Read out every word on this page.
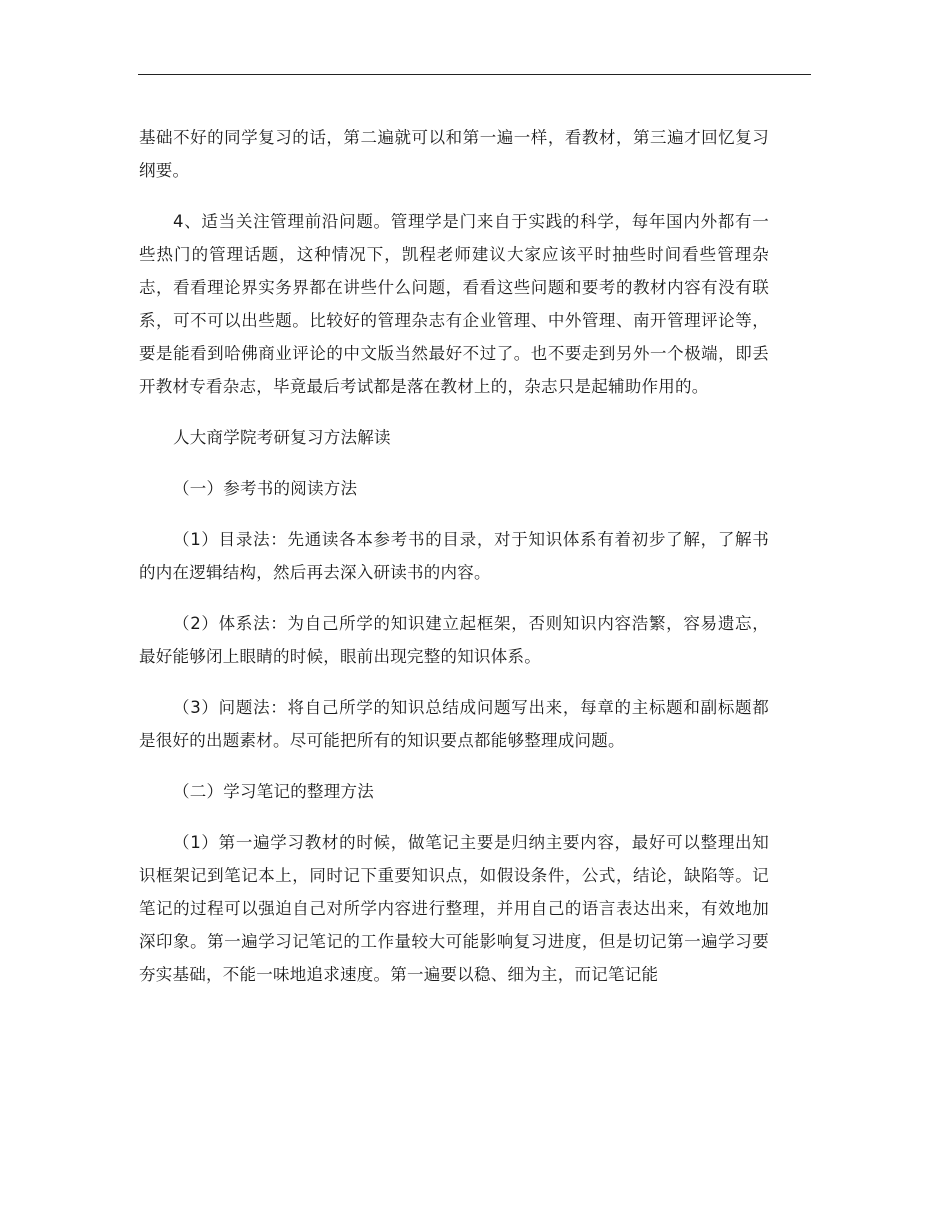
基础不好的同学复习的话，第二遍就可以和第一遍一样，看教材，第三遍才回忆复习纲要。

4、适当关注管理前沿问题。管理学是门来自于实践的科学，每年国内外都有一些热门的管理话题，这种情况下，凯程老师建议大家应该平时抽些时间看些管理杂志，看看理论界实务界都在讲些什么问题，看看这些问题和要考的教材内容有没有联系，可不可以出些题。比较好的管理杂志有企业管理、中外管理、南开管理评论等，要是能看到哈佛商业评论的中文版当然最好不过了。也不要走到另外一个极端，即丢开教材专看杂志，毕竟最后考试都是落在教材上的，杂志只是起辅助作用的。

人大商学院考研复习方法解读

（一）参考书的阅读方法

（1）目录法：先通读各本参考书的目录，对于知识体系有着初步了解，了解书的内在逻辑结构，然后再去深入研读书的内容。

（2）体系法：为自己所学的知识建立起框架，否则知识内容浩繁，容易遗忘，最好能够闭上眼睛的时候，眼前出现完整的知识体系。

（3）问题法：将自己所学的知识总结成问题写出来，每章的主标题和副标题都是很好的出题素材。尽可能把所有的知识要点都能够整理成问题。

（二）学习笔记的整理方法

（1）第一遍学习教材的时候，做笔记主要是归纳主要内容，最好可以整理出知识框架记到笔记本上，同时记下重要知识点，如假设条件，公式，结论，缺陷等。记笔记的过程可以强迫自己对所学内容进行整理，并用自己的语言表达出来，有效地加深印象。第一遍学习记笔记的工作量较大可能影响复习进度，但是切记第一遍学习要夯实基础，不能一味地追求速度。第一遍要以稳、细为主，而记笔记能
